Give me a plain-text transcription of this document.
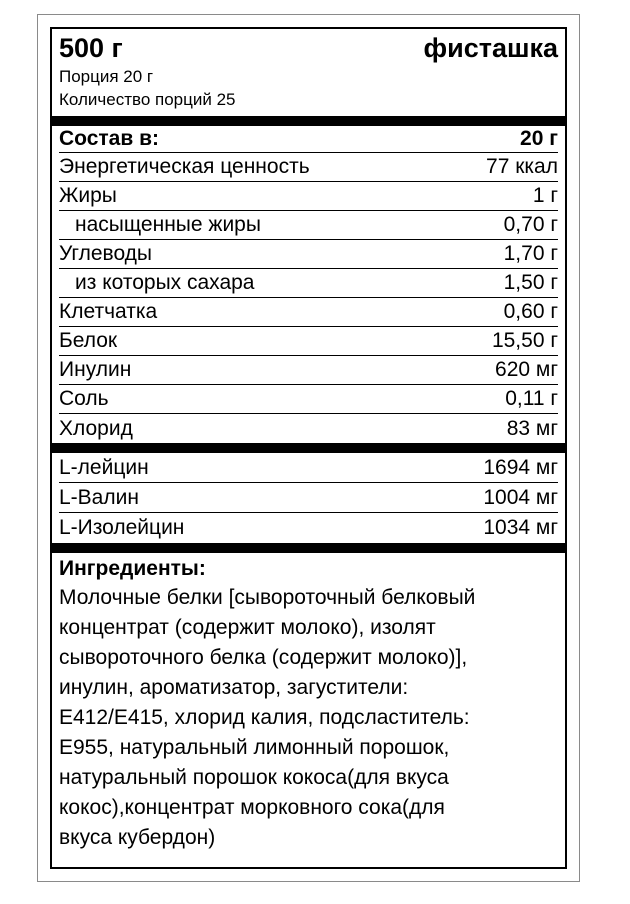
500 г	фисташка
Порция 20 г
Количество порций 25
Состав в:	20 г
Энергетическая ценность	77 ккал
Жиры	1 г
насыщенные жиры	0,70 г
Углеводы	1,70 г
из которых сахара	1,50 г
Клетчатка	0,60 г
Белок	15,50 г
Инулин	620 мг
Соль	0,11 г
Хлорид	83 мг
L-лейцин	1694 мг
L-Валин	1004 мг
L-Изолейцин	1034 мг
Ингредиенты:
Молочные белки [сывороточный белковый
концентрат (содержит молоко), изолят
сывороточного белка (содержит молоко)],
инулин, ароматизатор, загустители:
E412/E415, хлорид калия, подсластитель:
E955, натуральный лимонный порошок,
натуральный порошок кокоса(для вкуса
кокос),концентрат морковного сока(для
вкуса кубердон)
